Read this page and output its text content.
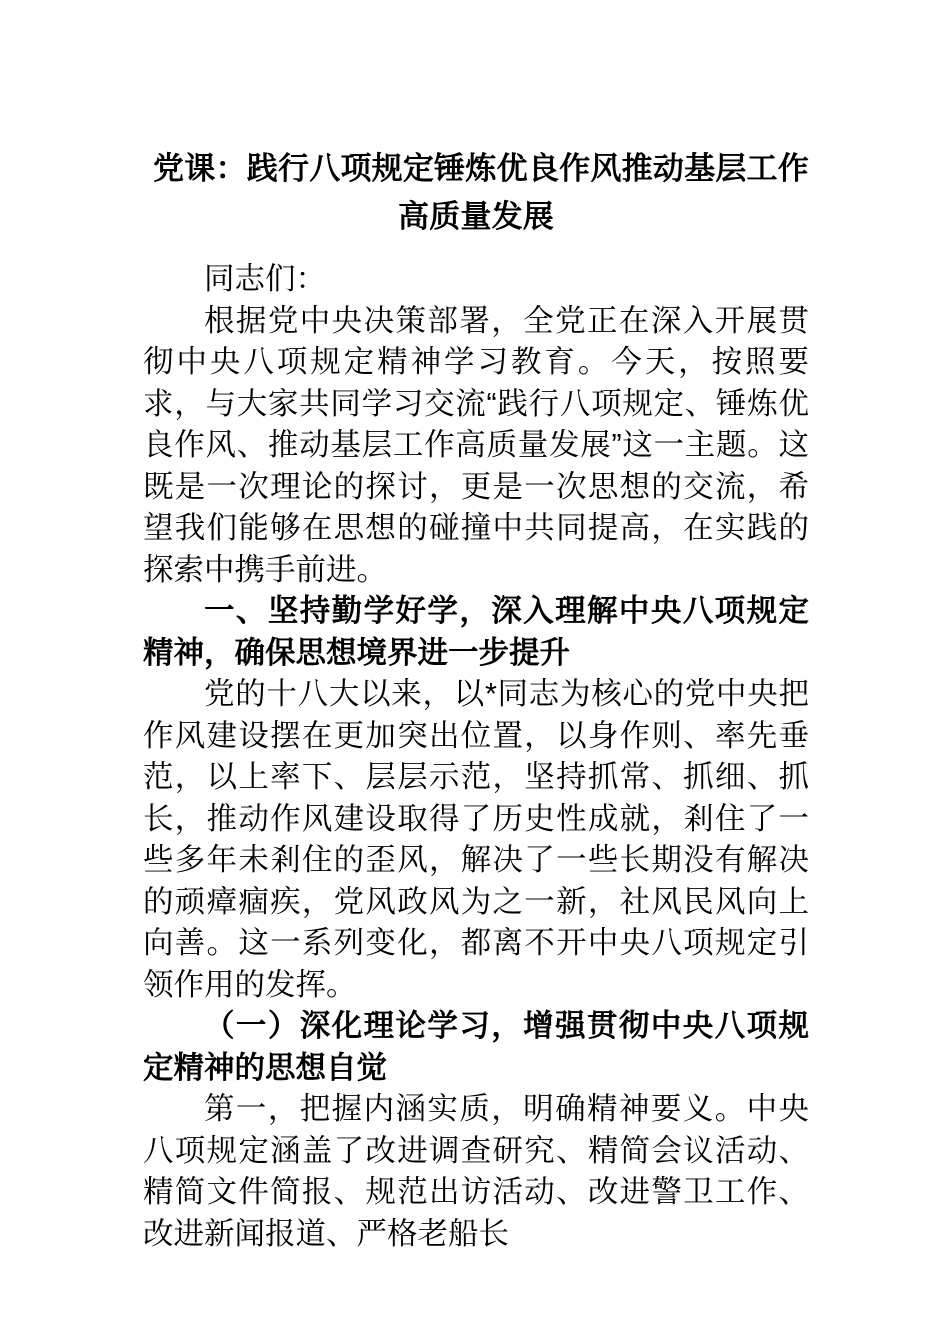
党课：践行八项规定锤炼优良作风推动基层工作高质量发展

同志们：

根据党中央决策部署，全党正在深入开展贯彻中央八项规定精神学习教育。今天，按照要求，与大家共同学习交流“践行八项规定、锤炼优良作风、推动基层工作高质量发展”这一主题。这既是一次理论的探讨，更是一次思想的交流，希望我们能够在思想的碰撞中共同提高，在实践的探索中携手前进。

一、坚持勤学好学，深入理解中央八项规定精神，确保思想境界进一步提升

党的十八大以来，以*同志为核心的党中央把作风建设摆在更加突出位置，以身作则、率先垂范，以上率下、层层示范，坚持抓常、抓细、抓长，推动作风建设取得了历史性成就，剎住了一些多年未剎住的歪风，解决了一些长期没有解决的顽瘴痼疾，党风政风为之一新，社风民风向上向善。这一系列变化，都离不开中央八项规定引领作用的发挥。

（一）深化理论学习，增强贯彻中央八项规定精神的思想自觉

第一，把握内涵实质，明确精神要义。中央八项规定涵盖了改进调查研究、精简会议活动、精简文件简报、规范出访活动、改进警卫工作、改进新闻报道、严格老船长
